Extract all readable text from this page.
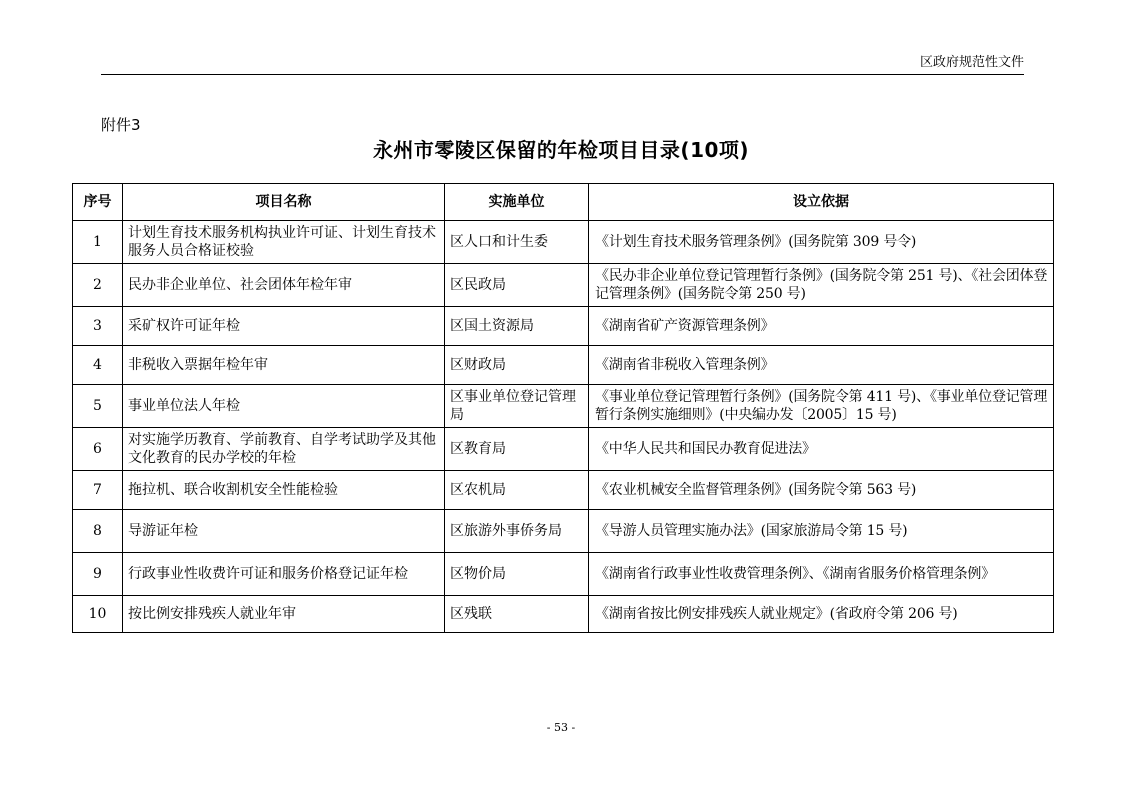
区政府规范性文件
附件3
永州市零陵区保留的年检项目目录(10项)
序号	项目名称	实施单位	设立依据
1	计划生育技术服务机构执业许可证、计划生育技术服务人员合格证校验	区人口和计生委	《计划生育技术服务管理条例》(国务院第 309 号令)
2	民办非企业单位、社会团体年检年审	区民政局	《民办非企业单位登记管理暂行条例》(国务院令第 251 号)、《社会团体登记管理条例》(国务院令第 250 号)
3	采矿权许可证年检	区国土资源局	《湖南省矿产资源管理条例》
4	非税收入票据年检年审	区财政局	《湖南省非税收入管理条例》
5	事业单位法人年检	区事业单位登记管理局	《事业单位登记管理暂行条例》(国务院令第 411 号)、《事业单位登记管理暂行条例实施细则》(中央编办发〔2005〕15 号)
6	对实施学历教育、学前教育、自学考试助学及其他文化教育的民办学校的年检	区教育局	《中华人民共和国民办教育促进法》
7	拖拉机、联合收割机安全性能检验	区农机局	《农业机械安全监督管理条例》(国务院令第 563 号)
8	导游证年检	区旅游外事侨务局	《导游人员管理实施办法》(国家旅游局令第 15 号)
9	行政事业性收费许可证和服务价格登记证年检	区物价局	《湖南省行政事业性收费管理条例》、《湖南省服务价格管理条例》
10	按比例安排残疾人就业年审	区残联	《湖南省按比例安排残疾人就业规定》(省政府令第 206 号)
- 53 -
